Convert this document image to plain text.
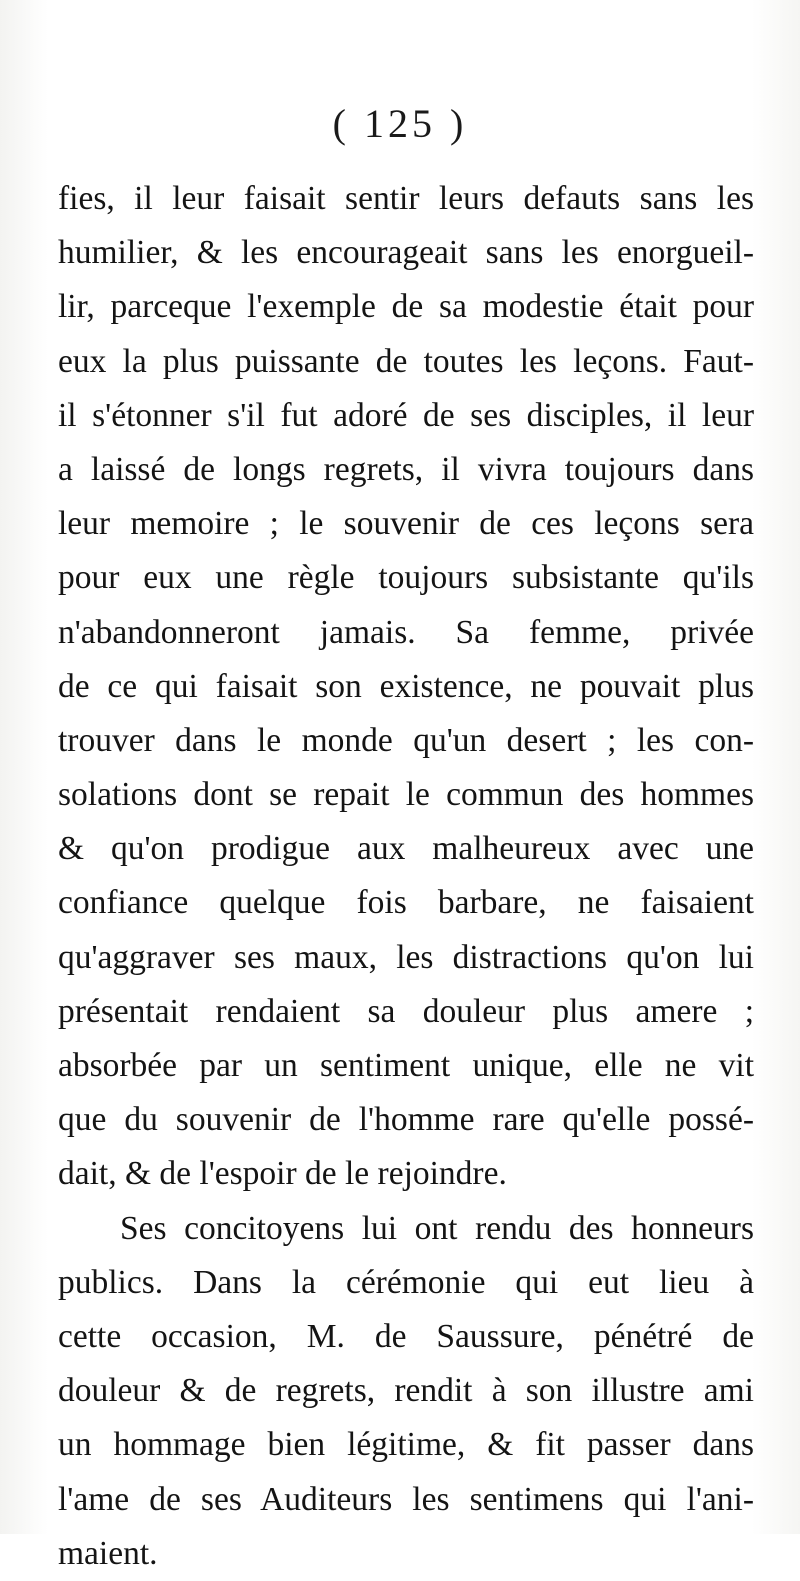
( 125 )
fies, il leur faisait sentir leurs defauts sans les
humilier, & les encourageait sans les enorgueil-
lir, parceque l'exemple de sa modestie était pour
eux la plus puissante de toutes les leçons. Faut-
il s'étonner s'il fut adoré de ses disciples, il leur
a laissé de longs regrets, il vivra toujours dans
leur memoire ; le souvenir de ces leçons sera
pour eux une règle toujours subsistante qu'ils
n'abandonneront jamais. Sa femme, privée
de ce qui faisait son existence, ne pouvait plus
trouver dans le monde qu'un desert ; les con-
solations dont se repait le commun des hommes
& qu'on prodigue aux malheureux avec une
confiance quelque fois barbare, ne faisaient
qu'aggraver ses maux, les distractions qu'on lui
présentait rendaient sa douleur plus amere ;
absorbée par un sentiment unique, elle ne vit
que du souvenir de l'homme rare qu'elle possé-
dait, & de l'espoir de le rejoindre.
Ses concitoyens lui ont rendu des honneurs
publics. Dans la cérémonie qui eut lieu à
cette occasion, M. de Saussure, pénétré de
douleur & de regrets, rendit à son illustre ami
un hommage bien légitime, & fit passer dans
l'ame de ses Auditeurs les sentimens qui l'ani-
maient.
